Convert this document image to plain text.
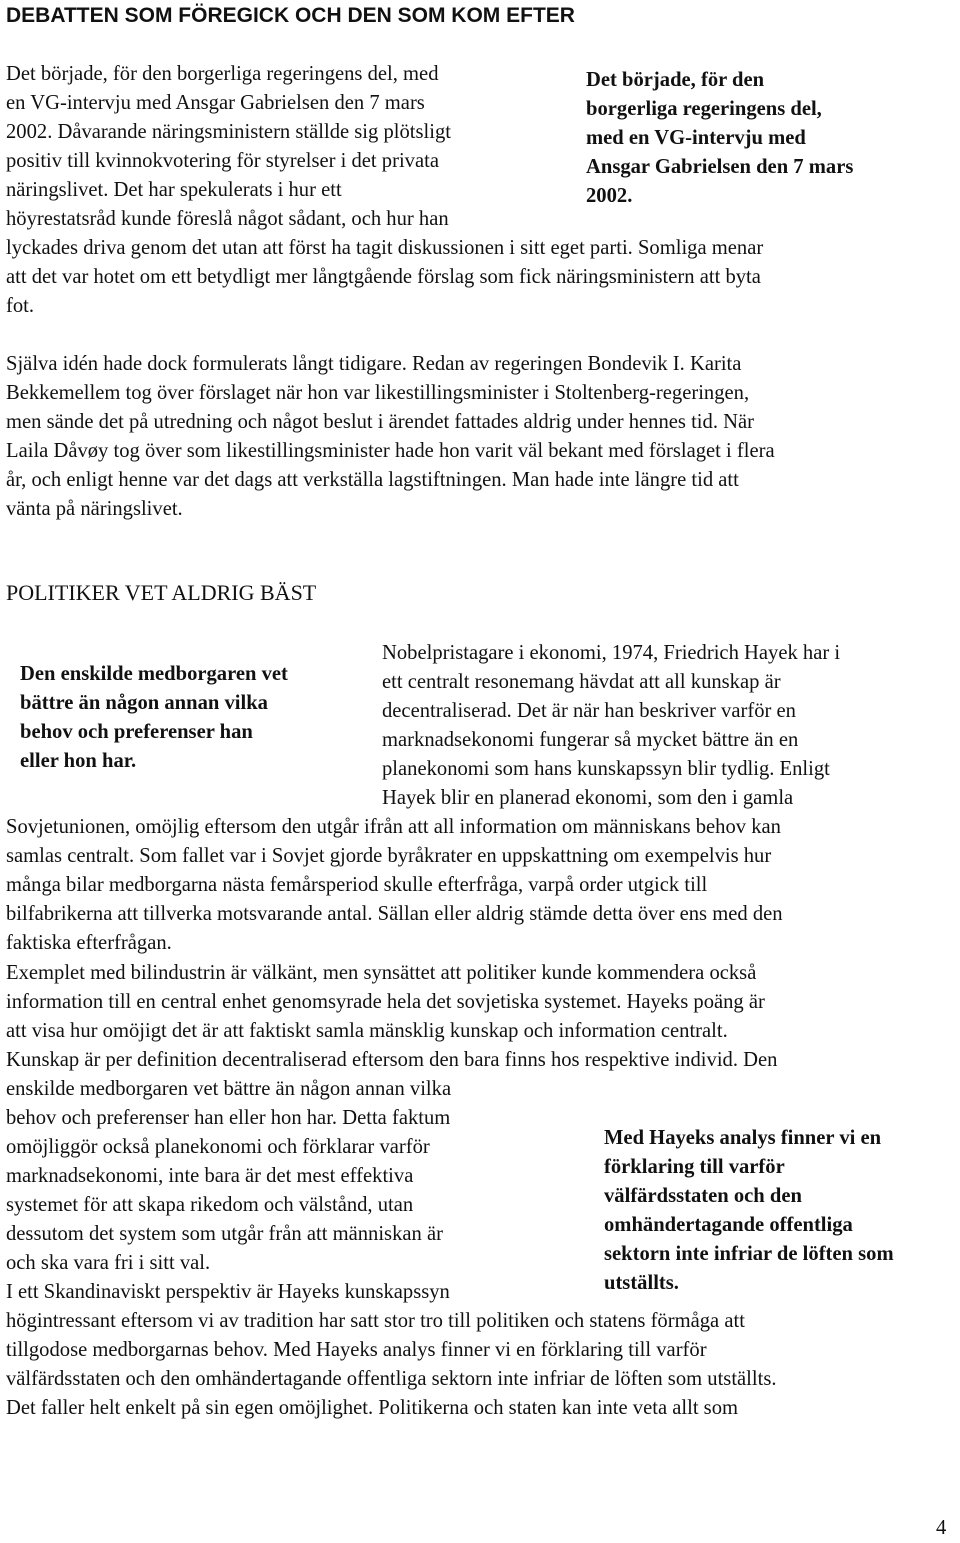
DEBATTEN SOM FÖREGICK OCH DEN SOM KOM EFTER
Det började, för den
borgerliga regeringens del,
med en VG-intervju med
Ansgar Gabrielsen den 7 mars
2002.
Det började, för den borgerliga regeringens del, med
en VG-intervju med Ansgar Gabrielsen den 7 mars
2002. Dåvarande näringsministern ställde sig plötsligt
positiv till kvinnokvotering för styrelser i det privata
näringslivet. Det har spekulerats i hur ett
höyrestatsråd kunde föreslå något sådant, och hur han
lyckades driva genom det utan att först ha tagit diskussionen i sitt eget parti. Somliga menar
att det var hotet om ett betydligt mer långtgående förslag som fick näringsministern att byta
fot.
Själva idén hade dock formulerats långt tidigare. Redan av regeringen Bondevik I. Karita
Bekkemellem tog över förslaget när hon var likestillingsminister i Stoltenberg-regeringen,
men sände det på utredning och något beslut i ärendet fattades aldrig under hennes tid. När
Laila Dåvøy tog över som likestillingsminister hade hon varit väl bekant med förslaget i flera
år, och enligt henne var det dags att verkställa lagstiftningen. Man hade inte längre tid att
vänta på näringslivet.
POLITIKER VET ALDRIG BÄST
Den enskilde medborgaren vet
bättre än någon annan vilka
behov och preferenser han
eller hon har.
Nobelpristagare i ekonomi, 1974, Friedrich Hayek har i
ett centralt resonemang hävdat att all kunskap är
decentraliserad. Det är när han beskriver varför en
marknadsekonomi fungerar så mycket bättre än en
planekonomi som hans kunskapssyn blir tydlig. Enligt
Hayek blir en planerad ekonomi, som den i gamla
Sovjetunionen, omöjlig eftersom den utgår ifrån att all information om människans behov kan
samlas centralt. Som fallet var i Sovjet gjorde byråkrater en uppskattning om exempelvis hur
många bilar medborgarna nästa femårsperiod skulle efterfråga, varpå order utgick till
bilfabrikerna att tillverka motsvarande antal. Sällan eller aldrig stämde detta över ens med den
faktiska efterfrågan.
Exemplet med bilindustrin är välkänt, men synsättet att politiker kunde kommendera också
information till en central enhet genomsyrade hela det sovjetiska systemet. Hayeks poäng är
att visa hur omöjigt det är att faktiskt samla mänsklig kunskap och information centralt.
Kunskap är per definition decentraliserad eftersom den bara finns hos respektive individ. Den
enskilde medborgaren vet bättre än någon annan vilka
behov och preferenser han eller hon har. Detta faktum
omöjliggör också planekonomi och förklarar varför
marknadsekonomi, inte bara är det mest effektiva
systemet för att skapa rikedom och välstånd, utan
dessutom det system som utgår från att människan är
och ska vara fri i sitt val.
I ett Skandinaviskt perspektiv är Hayeks kunskapssyn
högintressant eftersom vi av tradition har satt stor tro till politiken och statens förmåga att
tillgodose medborgarnas behov. Med Hayeks analys finner vi en förklaring till varför
välfärdsstaten och den omhändertagande offentliga sektorn inte infriar de löften som utställts.
Det faller helt enkelt på sin egen omöjlighet. Politikerna och staten kan inte veta allt som
Med Hayeks analys finner vi en
förklaring till varför
välfärdsstaten och den
omhändertagande offentliga
sektorn inte infriar de löften som
utställts.
4
